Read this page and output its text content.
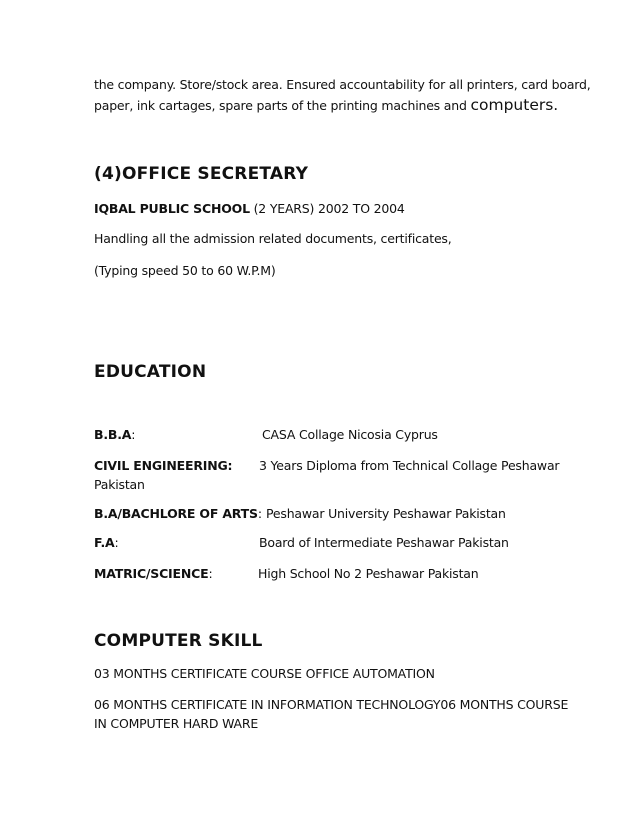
the company. Store/stock area. Ensured accountability for all printers, card board,
paper, ink cartages, spare parts of the printing machines and computers.
(4)OFFICE SECRETARY
IQBAL PUBLIC SCHOOL (2 YEARS) 2002 TO 2004
Handling all the admission related documents, certificates,
(Typing speed 50 to 60 W.P.M)
EDUCATION
B.B.A:	CASA Collage Nicosia Cyprus
CIVIL ENGINEERING: 3 Years Diploma from Technical Collage Peshawar
Pakistan
B.A/BACHLORE OF ARTS: Peshawar University Peshawar Pakistan
F.A:	Board of Intermediate Peshawar Pakistan
MATRIC/SCIENCE:	High School No 2 Peshawar Pakistan
COMPUTER SKILL
03 MONTHS CERTIFICATE COURSE OFFICE AUTOMATION
06 MONTHS CERTIFICATE IN INFORMATION TECHNOLOGY06 MONTHS COURSE
IN COMPUTER HARD WARE
